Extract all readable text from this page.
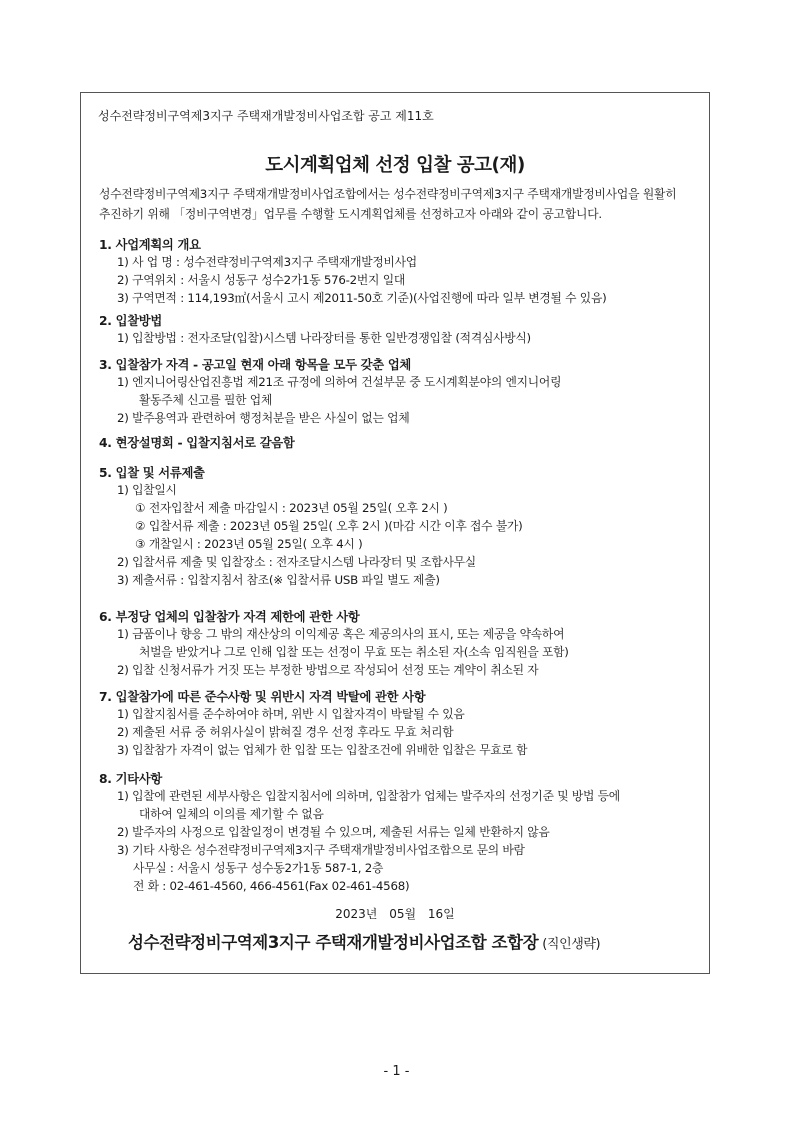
성수전략정비구역제3지구 주택재개발정비사업조합 공고 제11호
도시계획업체 선정 입찰 공고(재)
성수전략정비구역제3지구 주택재개발정비사업조합에서는 성수전략정비구역제3지구 주택재개발정비사업을 원활히
추진하기 위해 「정비구역변경」업무를 수행할 도시계획업체를 선정하고자 아래와 같이 공고합니다.
1. 사업계획의 개요
1) 사 업 명 : 성수전략정비구역제3지구 주택재개발정비사업
2) 구역위치 : 서울시 성동구 성수2가1동 576-2번지 일대
3) 구역면적 : 114,193㎡(서울시 고시 제2011-50호 기준)(사업진행에 따라 일부 변경될 수 있음)
2. 입찰방법
1) 입찰방법 : 전자조달(입찰)시스템 나라장터를 통한 일반경쟁입찰 (적격심사방식)
3. 입찰참가 자격 - 공고일 현재 아래 항목을 모두 갖춘 업체
1) 엔지니어링산업진흥법 제21조 규정에 의하여 건설부문 중 도시계획분야의 엔지니어링
활동주체 신고를 필한 업체
2) 발주용역과 관련하여 행정처분을 받은 사실이 없는 업체
4. 현장설명회 - 입찰지침서로 갈음함
5. 입찰 및 서류제출
1) 입찰일시
① 전자입찰서 제출 마감일시 : 2023년 05월 25일( 오후 2시 )
② 입찰서류 제출 : 2023년 05월 25일( 오후 2시 )(마감 시간 이후 접수 불가)
③ 개찰일시 : 2023년 05월 25일( 오후 4시 )
2) 입찰서류 제출 및 입찰장소 : 전자조달시스템 나라장터 및 조합사무실
3) 제출서류 : 입찰지침서 참조(※ 입찰서류 USB 파일 별도 제출)
6. 부정당 업체의 입찰참가 자격 제한에 관한 사항
1) 금품이나 향응 그 밖의 재산상의 이익제공 혹은 제공의사의 표시, 또는 제공을 약속하여
처벌을 받았거나 그로 인해 입찰 또는 선정이 무효 또는 취소된 자(소속 임직원을 포함)
2) 입찰 신청서류가 거짓 또는 부정한 방법으로 작성되어 선정 또는 계약이 취소된 자
7. 입찰참가에 따른 준수사항 및 위반시 자격 박탈에 관한 사항
1) 입찰지침서를 준수하여야 하며, 위반 시 입찰자격이 박탈될 수 있음
2) 제출된 서류 중 허위사실이 밝혀질 경우 선정 후라도 무효 처리함
3) 입찰참가 자격이 없는 업체가 한 입찰 또는 입찰조건에 위배한 입찰은 무효로 함
8. 기타사항
1) 입찰에 관련된 세부사항은 입찰지침서에 의하며, 입찰참가 업체는 발주자의 선정기준 및 방법 등에
대하여 일체의 이의를 제기할 수 없음
2) 발주자의 사정으로 입찰일정이 변경될 수 있으며, 제출된 서류는 일체 반환하지 않음
3) 기타 사항은 성수전략정비구역제3지구 주택재개발정비사업조합으로 문의 바람
사무실 : 서울시 성동구 성수동2가1동 587-1, 2층
전 화 : 02-461-4560, 466-4561(Fax 02-461-4568)
2023년 05월 16일
성수전략정비구역제3지구 주택재개발정비사업조합 조합장 (직인생략)
- 1 -
